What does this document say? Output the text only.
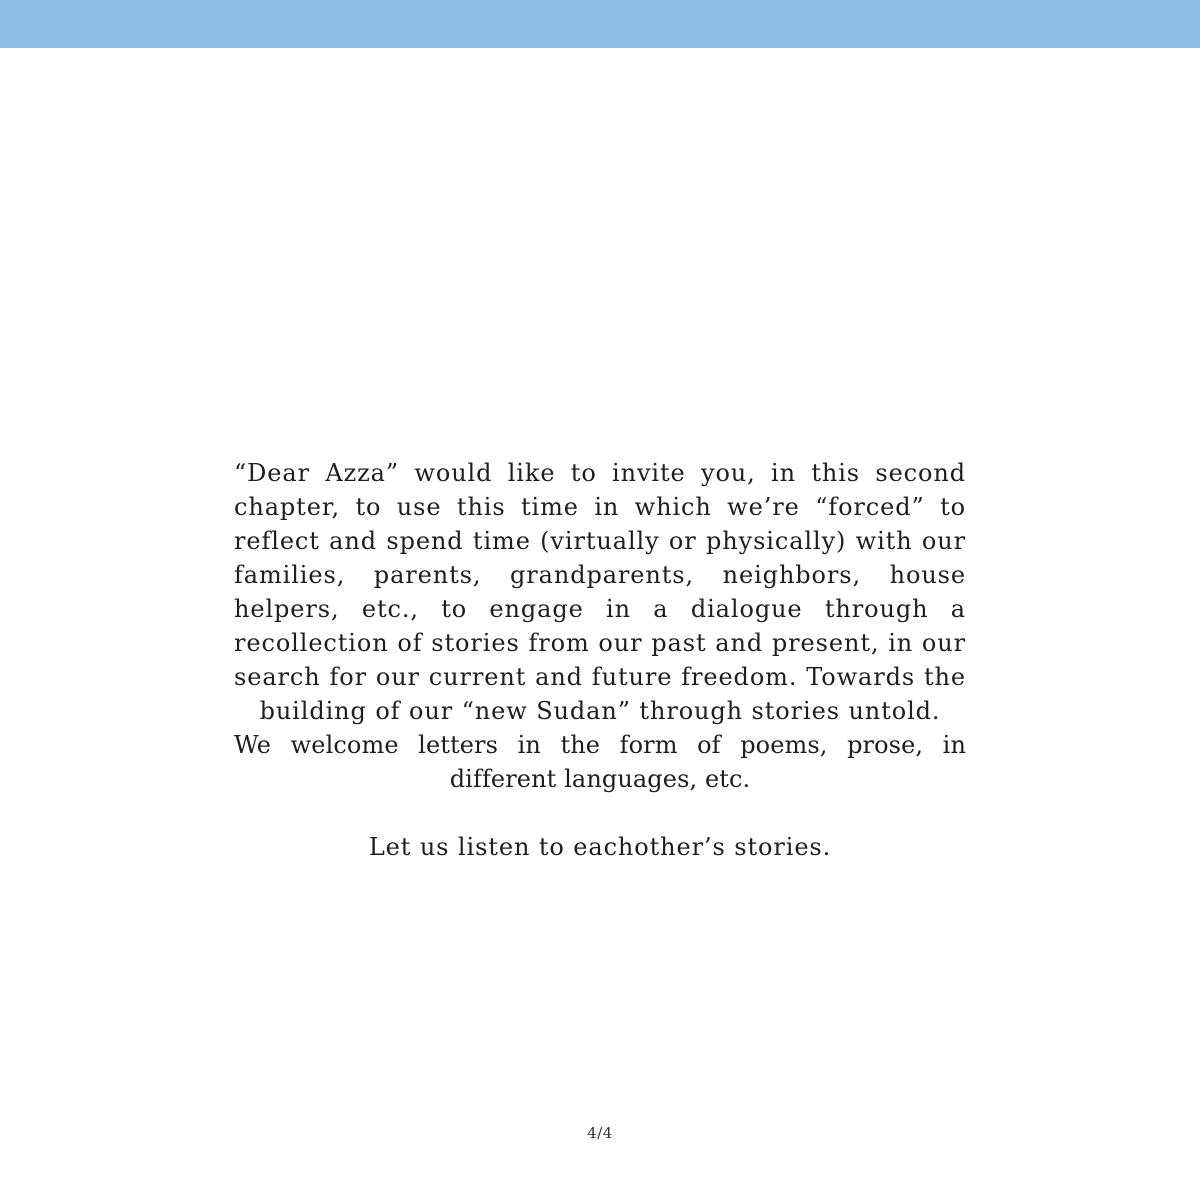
“Dear Azza” would like to invite you, in this second chapter, to use this time in which we’re “forced” to reflect and spend time (virtually or physically) with our families, parents, grandparents, neighbors, house helpers, etc., to engage in a dialogue through a recollection of stories from our past and present, in our search for our current and future freedom. Towards the building of our “new Sudan” through stories untold.

We welcome letters in the form of poems, prose, in different languages, etc.

Let us listen to eachother’s stories.

4/4
